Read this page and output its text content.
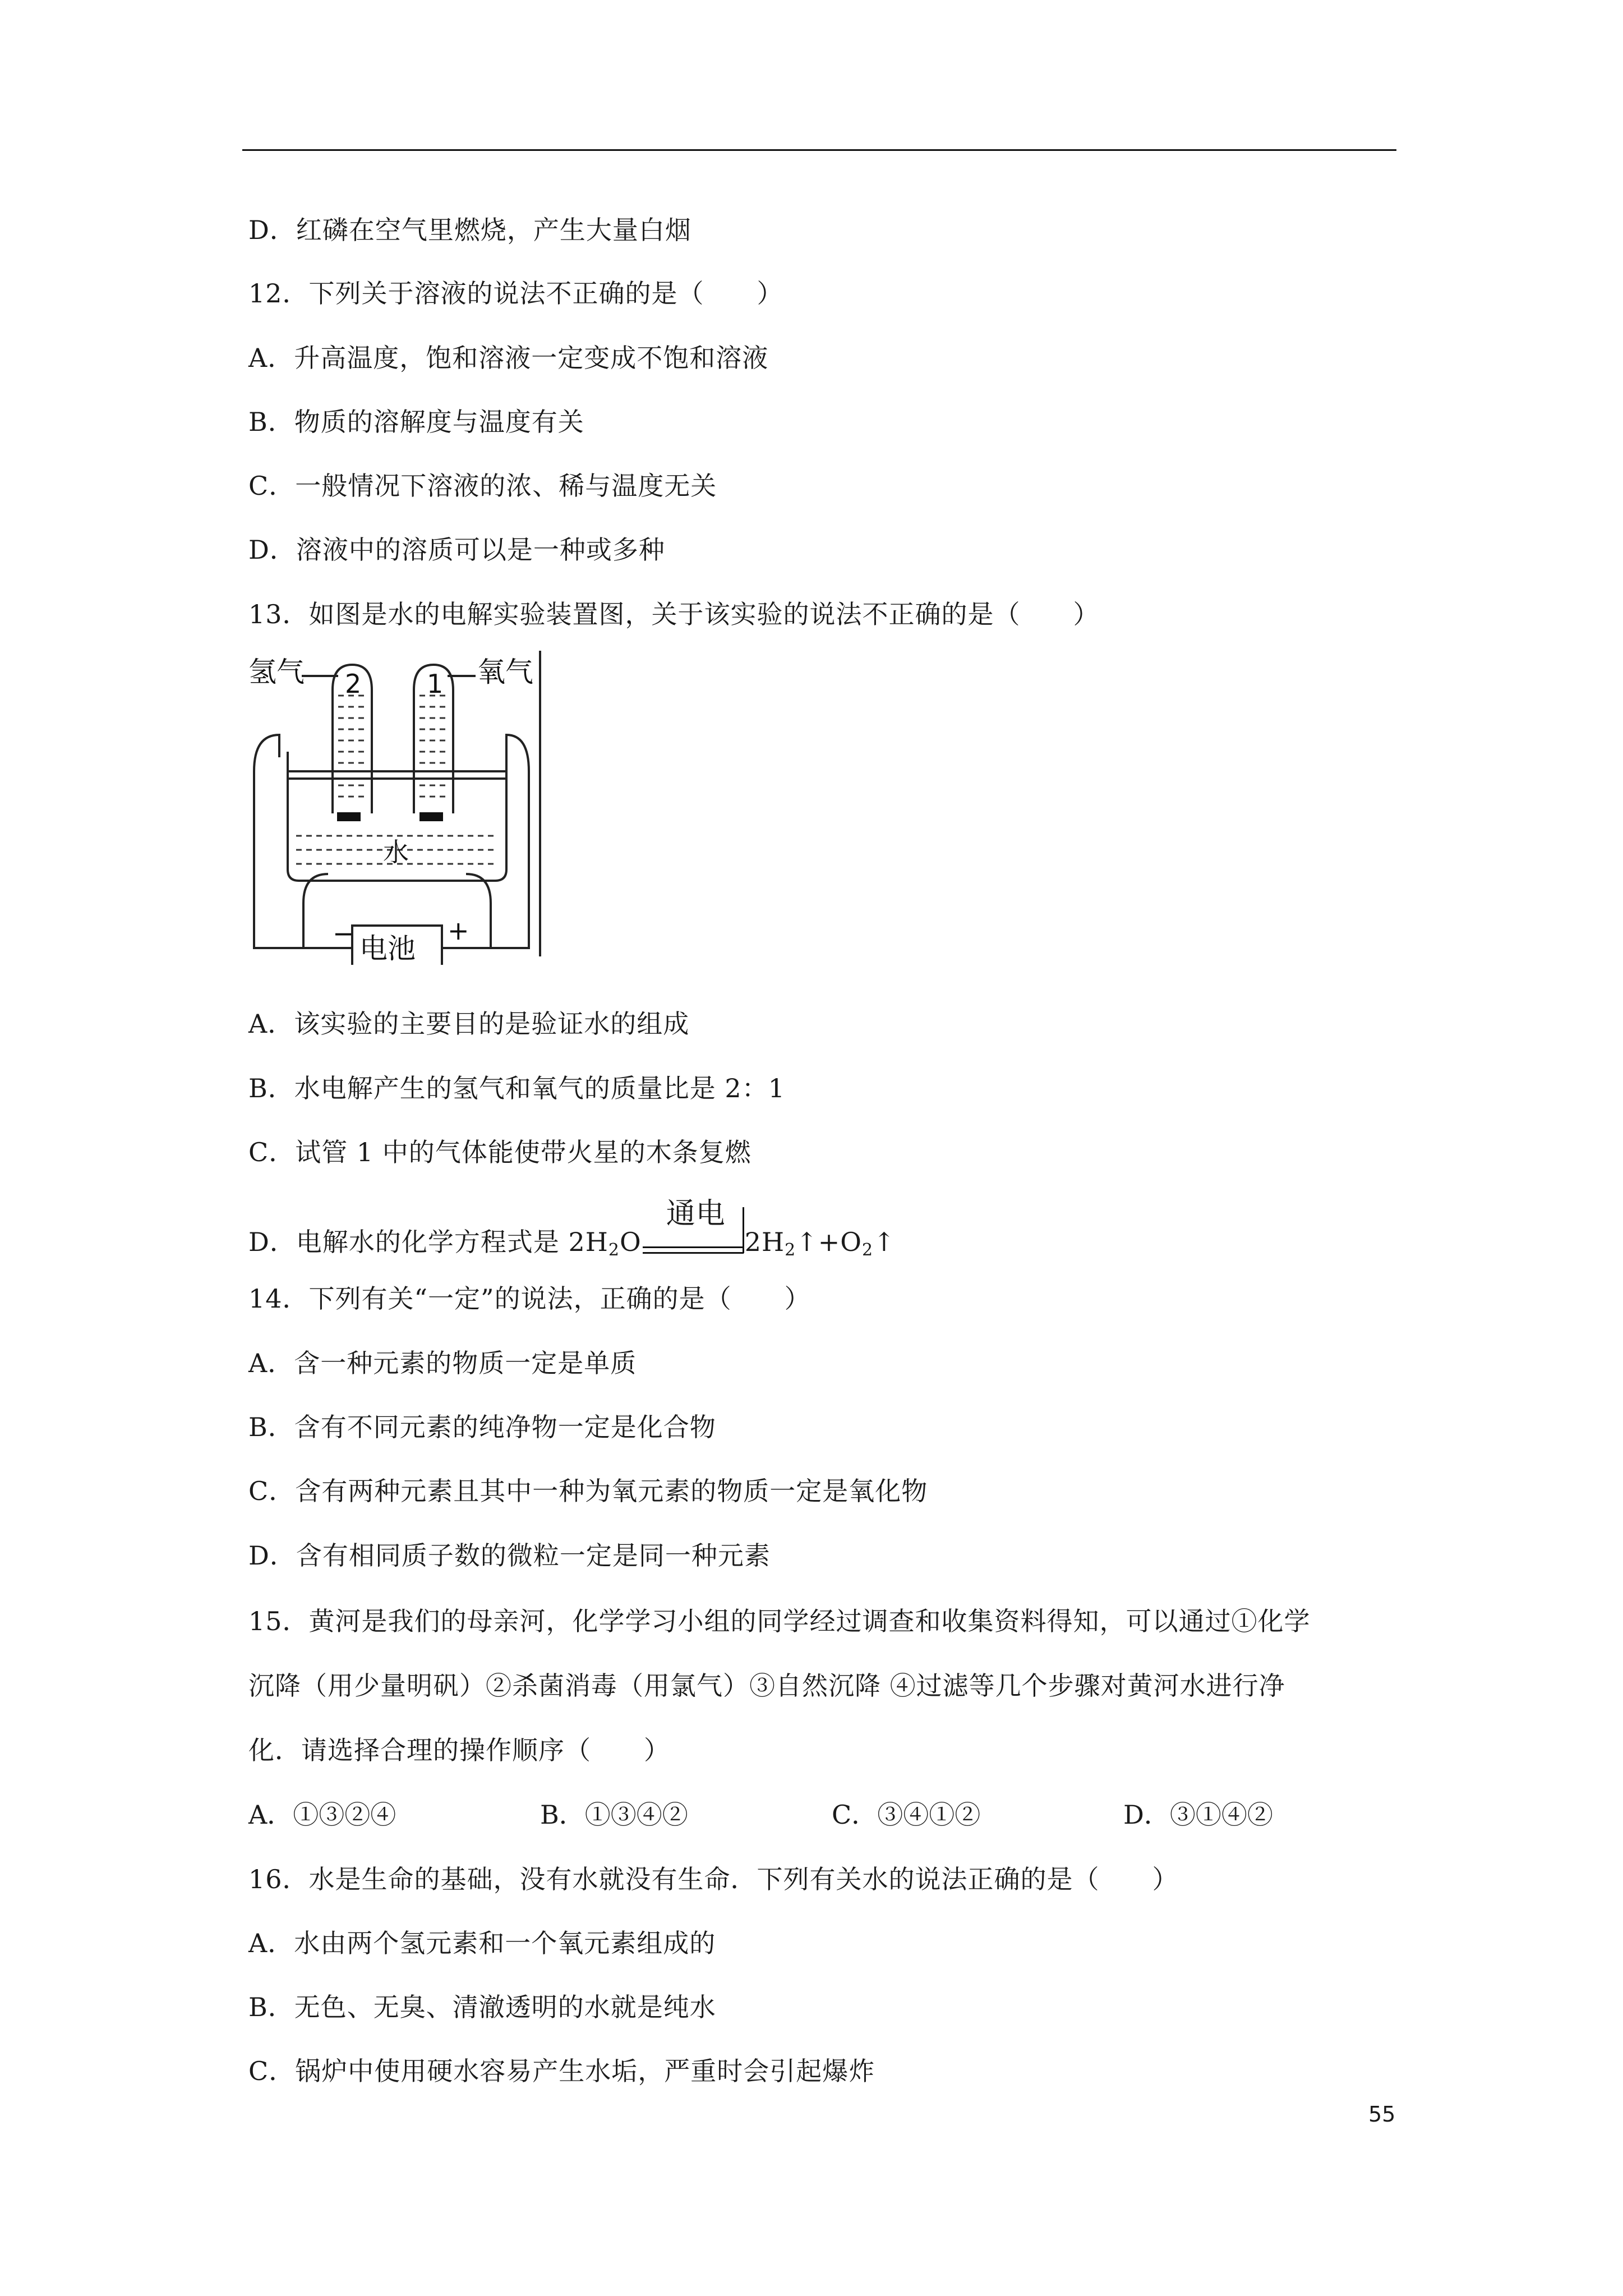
D．红磷在空气里燃烧，产生大量白烟
12．下列关于溶液的说法不正确的是（　　）
A．升高温度，饱和溶液一定变成不饱和溶液
B．物质的溶解度与温度有关
C．一般情况下溶液的浓、稀与温度无关
D．溶液中的溶质可以是一种或多种
13．如图是水的电解实验装置图，关于该实验的说法不正确的是（　　）
氢气	氧气
2	1
水
电池
−	+
A．该实验的主要目的是验证水的组成
B．水电解产生的氢气和氧气的质量比是 2：1
C．试管 1 中的气体能使带火星的木条复燃
D．电解水的化学方程式是 $2H_2O$
通电
$2H_2↑+O_2↑$
14．下列有关“一定”的说法，正确的是（　　）
A．含一种元素的物质一定是单质
B．含有不同元素的纯净物一定是化合物
C．含有两种元素且其中一种为氧元素的物质一定是氧化物
D．含有相同质子数的微粒一定是同一种元素
15．黄河是我们的母亲河，化学学习小组的同学经过调查和收集资料得知，可以通过①化学
沉降（用少量明矾）②杀菌消毒（用氯气）③自然沉降 ④过滤等几个步骤对黄河水进行净
化．请选择合理的操作顺序（　　）
A．①③②④	B．①③④②	C．③④①②	D．③①④②
16．水是生命的基础，没有水就没有生命．下列有关水的说法正确的是（　　）
A．水由两个氢元素和一个氧元素组成的
B．无色、无臭、清澈透明的水就是纯水
C．锅炉中使用硬水容易产生水垢，严重时会引起爆炸
55
